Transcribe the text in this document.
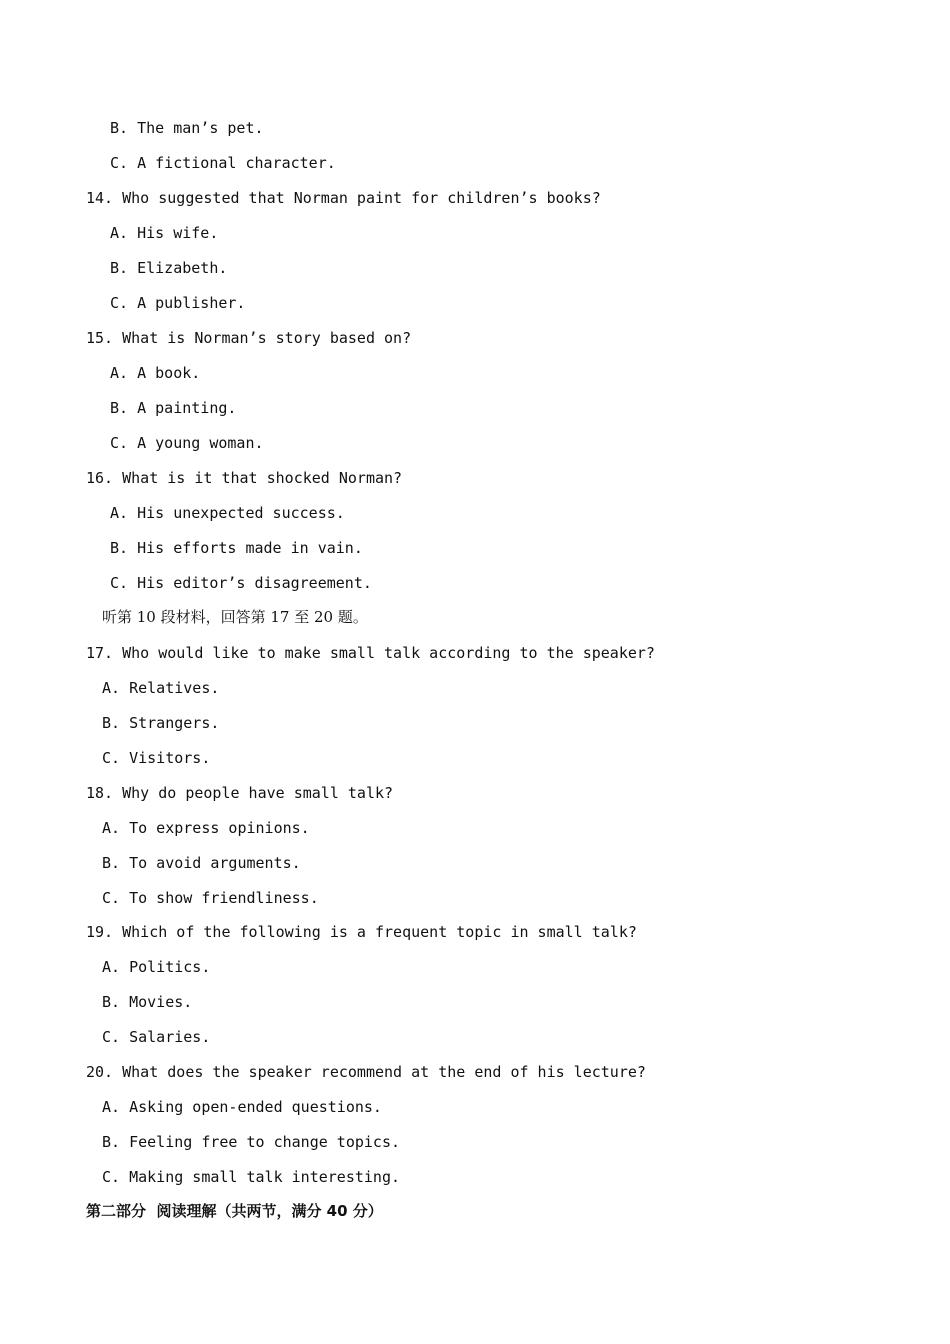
B. The man’s pet.
C. A fictional character.
14. Who suggested that Norman paint for children’s books?
A. His wife.
B. Elizabeth.
C. A publisher.
15. What is Norman’s story based on?
A. A book.
B. A painting.
C. A young woman.
16. What is it that shocked Norman?
A. His unexpected success.
B. His efforts made in vain.
C. His editor’s disagreement.
听第 10 段材料，回答第 17 至 20 题。
17. Who would like to make small talk according to the speaker?
A. Relatives.
B. Strangers.
C. Visitors.
18. Why do people have small talk?
A. To express opinions.
B. To avoid arguments.
C. To show friendliness.
19. Which of the following is a frequent topic in small talk?
A. Politics.
B. Movies.
C. Salaries.
20. What does the speaker recommend at the end of his lecture?
A. Asking open-ended questions.
B. Feeling free to change topics.
C. Making small talk interesting.
第二部分  阅读理解（共两节，满分 40 分）
